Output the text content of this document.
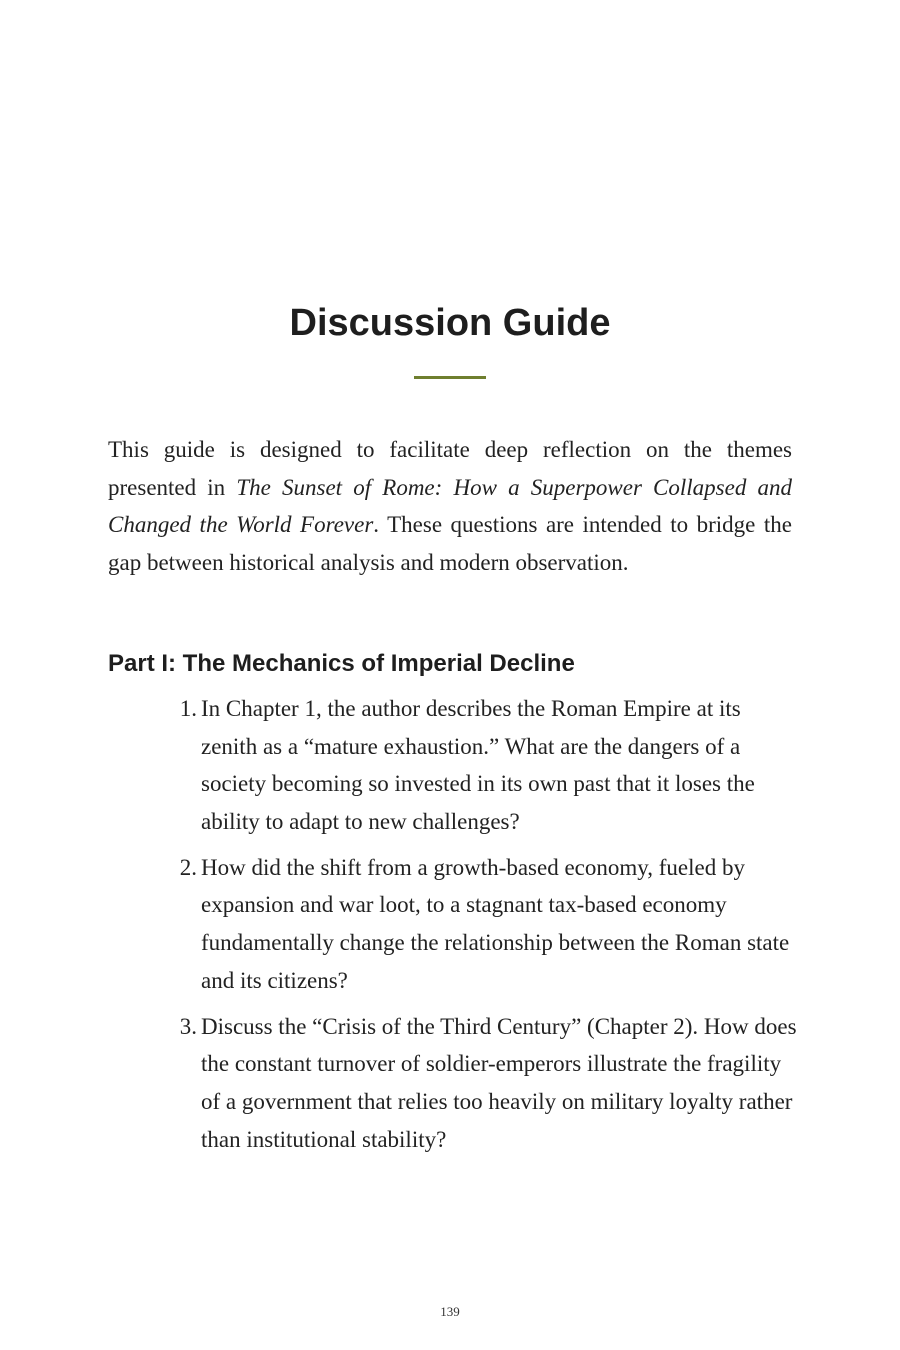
Discussion Guide

This guide is designed to facilitate deep reflection on the themes presented in The Sunset of Rome: How a Superpower Collapsed and Changed the World Forever. These questions are intended to bridge the gap between historical analysis and modern observation.

Part I: The Mechanics of Imperial Decline
1. In Chapter 1, the author describes the Roman Empire at its zenith as a “mature exhaustion.” What are the dangers of a society becoming so invested in its own past that it loses the ability to adapt to new challenges?
2. How did the shift from a growth-based economy, fueled by expansion and war loot, to a stagnant tax-based economy fundamentally change the relationship between the Roman state and its citizens?
3. Discuss the “Crisis of the Third Century” (Chapter 2). How does the constant turnover of soldier-emperors illustrate the fragility of a government that relies too heavily on military loyalty rather than institutional stability?
139
